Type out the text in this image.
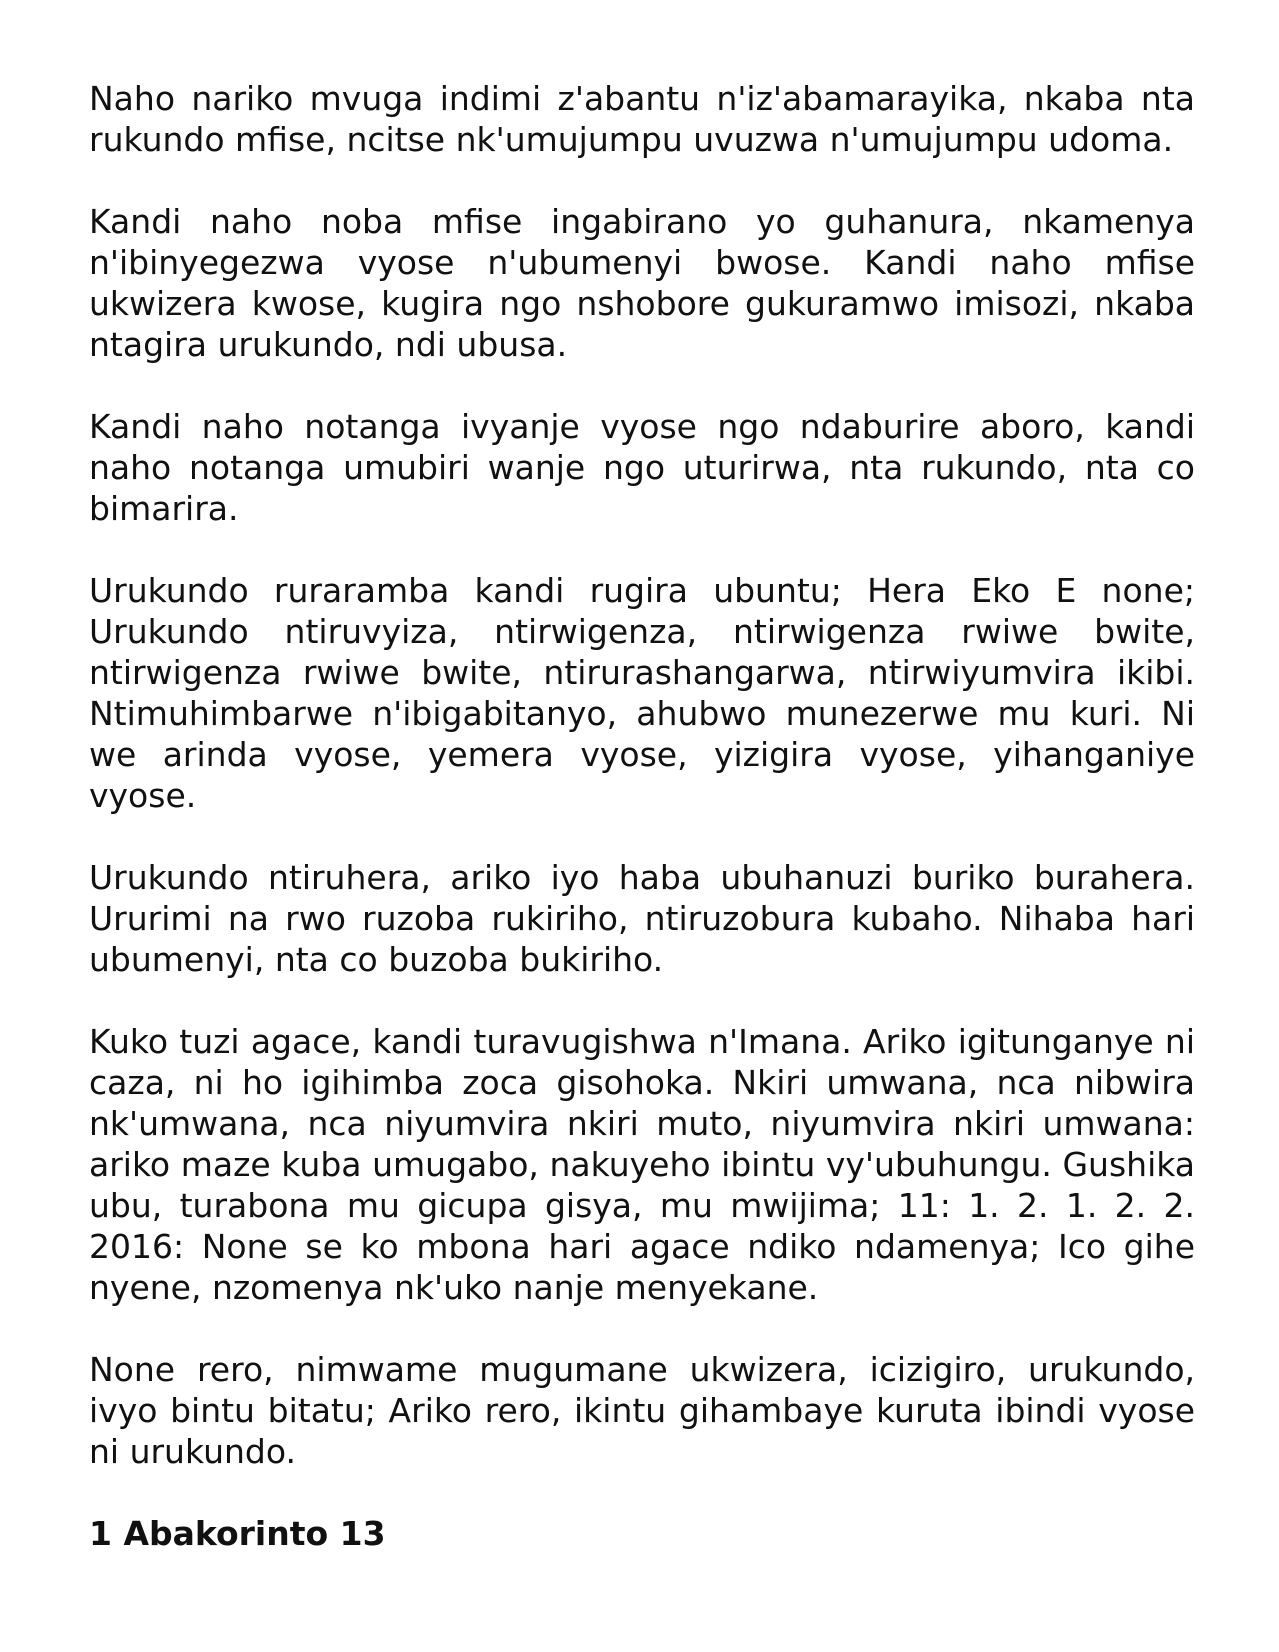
Naho nariko mvuga indimi z'abantu n'iz'abamarayika, nkaba nta rukundo mfise, ncitse nk'umujumpu uvuzwa n'umujumpu udoma.

Kandi naho noba mfise ingabirano yo guhanura, nkamenya n'ibinyegezwa vyose n'ubumenyi bwose. Kandi naho mfise ukwizera kwose, kugira ngo nshobore gukuramwo imisozi, nkaba ntagira urukundo, ndi ubusa.

Kandi naho notanga ivyanje vyose ngo ndaburire aboro, kandi naho notanga umubiri wanje ngo uturirwa, nta rukundo, nta co bimarira.

Urukundo ruraramba kandi rugira ubuntu; Hera Eko E none; Urukundo ntiruvyiza, ntirwigenza, ntirwigenza rwiwe bwite, ntirwigenza rwiwe bwite, ntirurashangarwa, ntirwiyumvira ikibi. Ntimuhimbarwe n'ibigabitanyo, ahubwo munezerwe mu kuri. Ni we arinda vyose, yemera vyose, yizigira vyose, yihanganiye vyose.

Urukundo ntiruhera, ariko iyo haba ubuhanuzi buriko burahera. Ururimi na rwo ruzoba rukiriho, ntiruzobura kubaho. Nihaba hari ubumenyi, nta co buzoba bukiriho.

Kuko tuzi agace, kandi turavugishwa n'Imana. Ariko igitunganye ni caza, ni ho igihimba zoca gisohoka. Nkiri umwana, nca nibwira nk'umwana, nca niyumvira nkiri muto, niyumvira nkiri umwana: ariko maze kuba umugabo, nakuyeho ibintu vy'ubuhungu. Gushika ubu, turabona mu gicupa gisya, mu mwijima; 11: 1. 2. 1. 2. 2. 2016: None se ko mbona hari agace ndiko ndamenya; Ico gihe nyene, nzomenya nk'uko nanje menyekane.

None rero, nimwame mugumane ukwizera, icizigiro, urukundo, ivyo bintu bitatu; Ariko rero, ikintu gihambaye kuruta ibindi vyose ni urukundo.

1 Abakorinto 13
